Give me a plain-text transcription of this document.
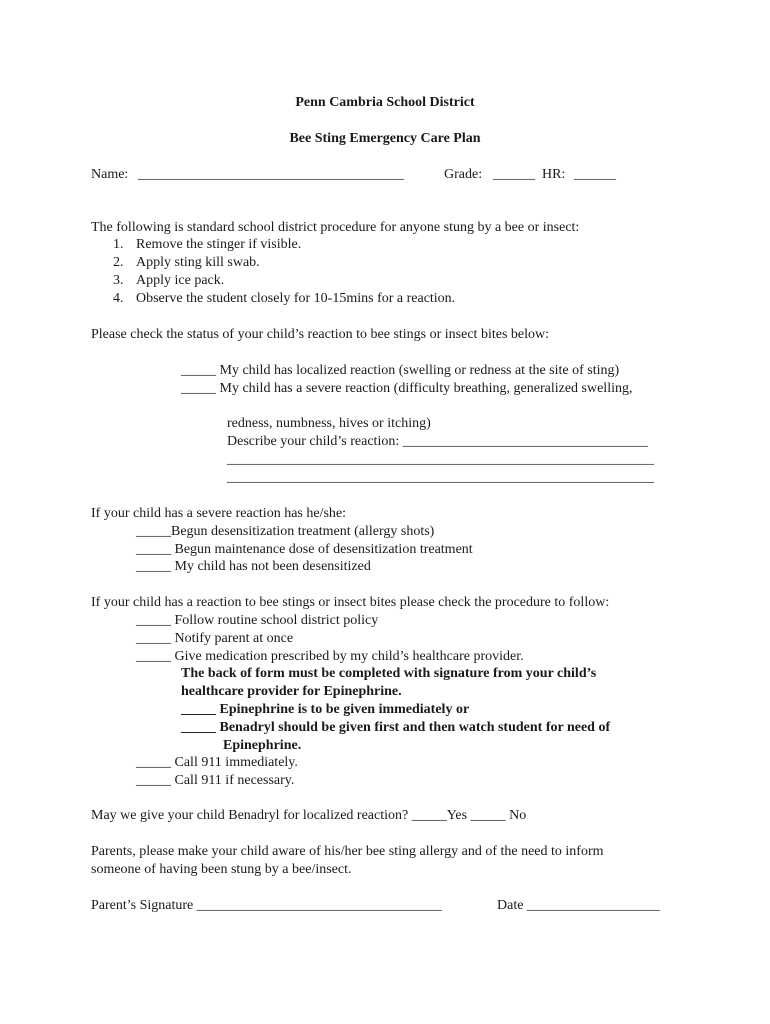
Penn Cambria School District
Bee Sting Emergency Care Plan
Name: ______________________________________	Grade: ______ HR: ______
The following is standard school district procedure for anyone stung by a bee or insect:
1. Remove the stinger if visible.
2. Apply sting kill swab.
3. Apply ice pack.
4. Observe the student closely for 10-15mins for a reaction.
Please check the status of your child’s reaction to bee stings or insect bites below:
_____ My child has localized reaction (swelling or redness at the site of sting)
_____ My child has a severe reaction (difficulty breathing, generalized swelling,
redness, numbness, hives or itching)
Describe your child’s reaction: ___________________________________
_____________________________________________________________
_____________________________________________________________
If your child has a severe reaction has he/she:
_____Begun desensitization treatment (allergy shots)
_____ Begun maintenance dose of desensitization treatment
_____ My child has not been desensitized
If your child has a reaction to bee stings or insect bites please check the procedure to follow:
_____ Follow routine school district policy
_____ Notify parent at once
_____ Give medication prescribed by my child’s healthcare provider.
The back of form must be completed with signature from your child’s
healthcare provider for Epinephrine.
_____ Epinephrine is to be given immediately or
_____ Benadryl should be given first and then watch student for need of
Epinephrine.
_____ Call 911 immediately.
_____ Call 911 if necessary.
May we give your child Benadryl for localized reaction? _____Yes _____ No
Parents, please make your child aware of his/her bee sting allergy and of the need to inform
someone of having been stung by a bee/insect.
Parent’s Signature ___________________________________	Date ___________________
